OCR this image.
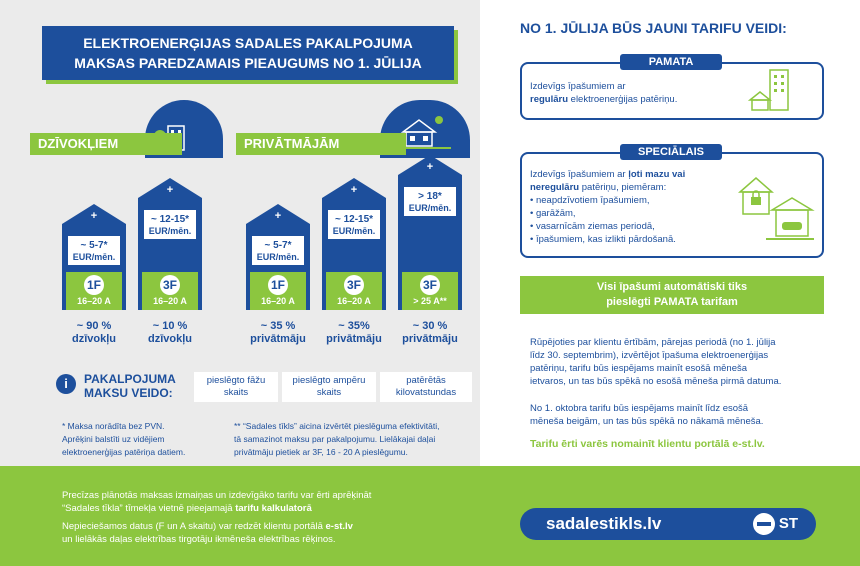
ELEKTROENERĢIJAS SADALES PAKALPOJUMA
MAKSAS PAREDZAMAIS PIEAUGUMS NO 1. JŪLIJA
DZĪVOKĻIEM	PRIVĀTMĀJĀM
+
~ 5-7*
EUR/mēn.
1F
16–20 A
~ 90 %
dzīvokļu
+
~ 12-15*
EUR/mēn.
3F
16–20 A
~ 10 %
dzīvokļu
+
~ 5-7*
EUR/mēn.
1F
16–20 A
~ 35 %
privātmāju
+
~ 12-15*
EUR/mēn.
3F
16–20 A
~ 35%
privātmāju
+
> 18*
EUR/mēn.
3F
> 25 A**
~ 30 %
privātmāju
i	PAKALPOJUMA
MAKSU VEIDO:
pieslēgto fāžu
skaits
pieslēgto ampēru
skaits
patērētās
kilovatstundas
* Maksa norādīta bez PVN.
Aprēķini balstīti uz vidējiem
elektroenerģijas patēriņa datiem.
** “Sadales tīkls” aicina izvērtēt pieslēguma efektivitāti,
tā samazinot maksu par pakalpojumu. Lielākajai daļai
privātmāju pietiek ar 3F, 16 - 20 A pieslēgumu.
NO 1. JŪLIJA BŪS JAUNI TARIFU VEIDI:
PAMATA
Izdevīgs īpašumiem ar
regulāru elektroenerģijas patēriņu.
SPECIĀLAIS
Izdevīgs īpašumiem ar ļoti mazu vai
neregulāru patēriņu, piemēram:
• neapdzīvotiem īpašumiem,
• garāžām,
• vasarnīcām ziemas periodā,
• īpašumiem, kas izlikti pārdošanā.
Visi īpašumi automātiski tiks
pieslēgti PAMATA tarifam
Rūpējoties par klientu ērtībām, pārejas periodā (no 1. jūlija
līdz 30. septembrim), izvērtējot īpašuma elektroenerģijas
patēriņu, tarifu būs iespējams mainīt esošā mēneša
ietvaros, un tas būs spēkā no esošā mēneša pirmā datuma.
No 1. oktobra tarifu būs iespējams mainīt līdz esošā
mēneša beigām, un tas būs spēkā no nākamā mēneša.
Tarifu ērti varēs nomainīt klientu portālā e-st.lv.
Precīzas plānotās maksas izmaiņas un izdevīgāko tarifu var ērti aprēķināt
“Sadales tīkla” tīmekļa vietnē pieejamajā tarifu kalkulatorā
Nepieciešamos datus (F un A skaitu) var redzēt klientu portālā e-st.lv
un lielākās daļas elektrības tirgotāju ikmēneša elektrības rēķinos.
sadalestikls.lv	ST
